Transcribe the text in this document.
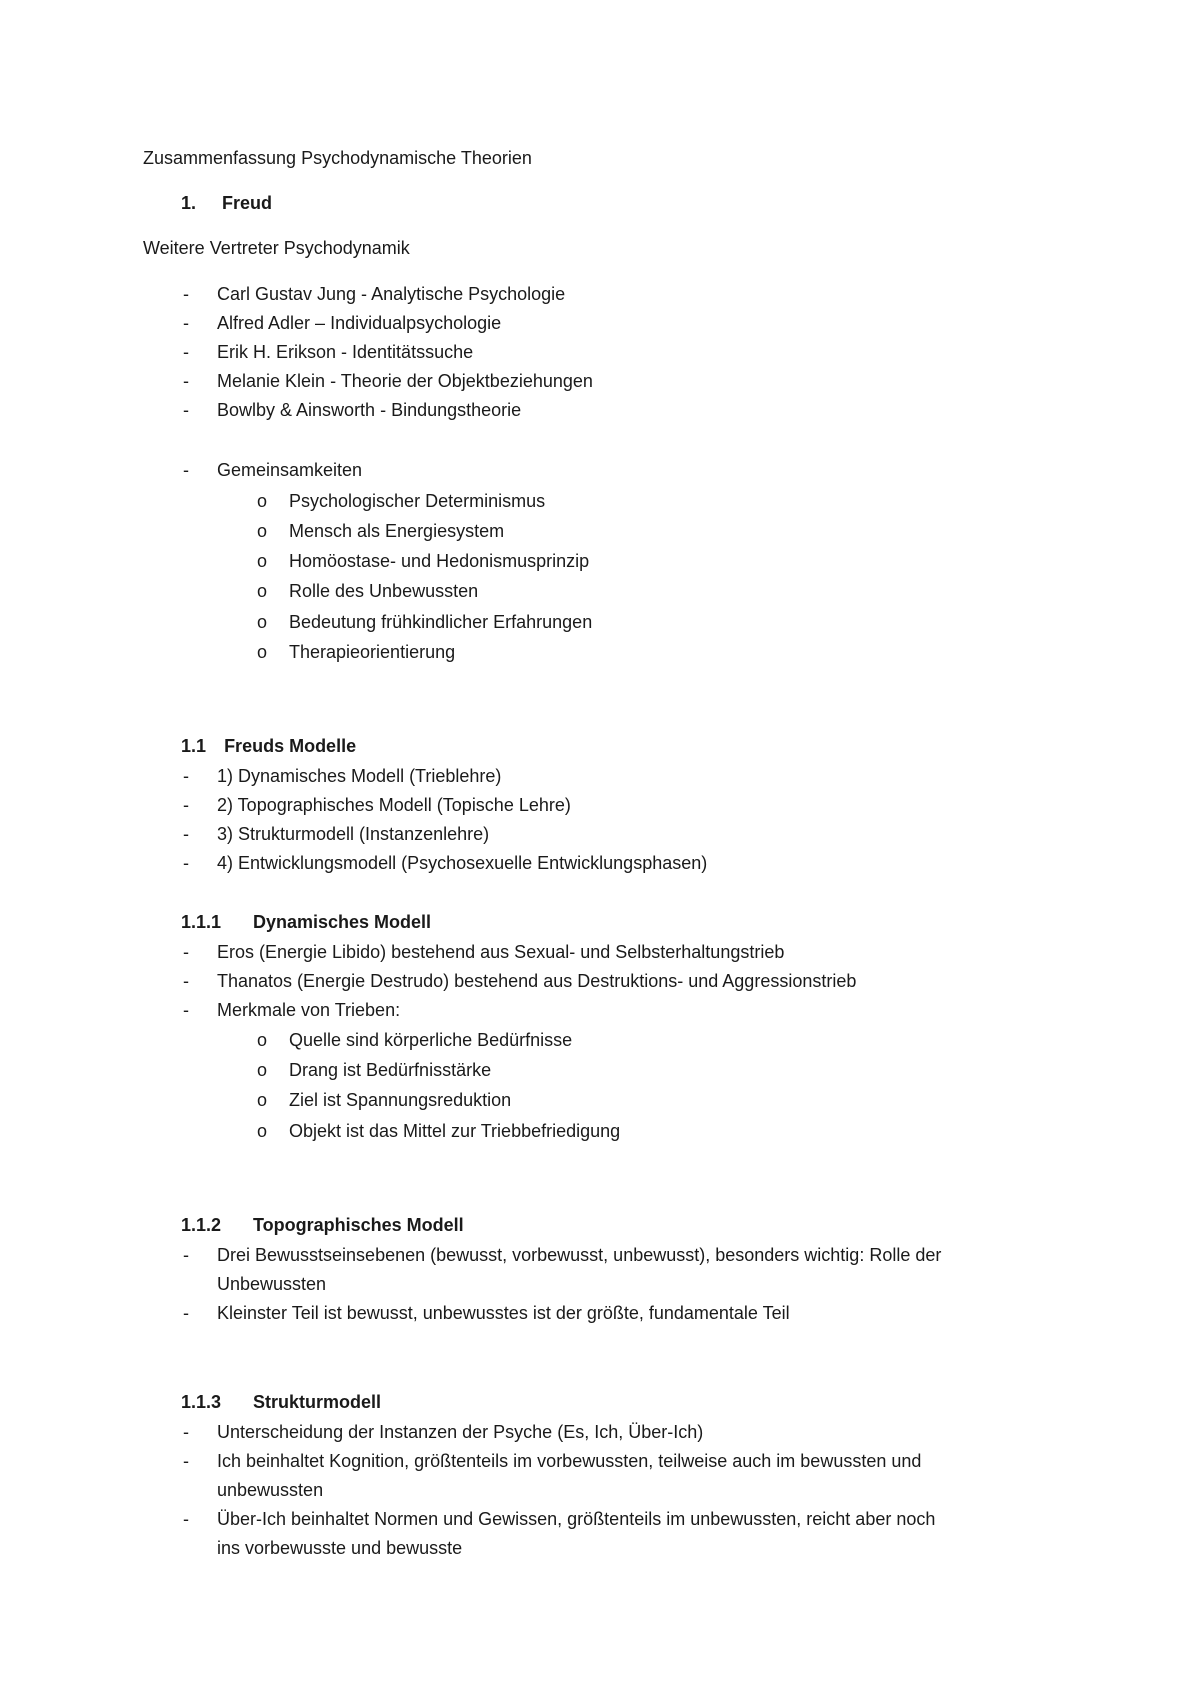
Zusammenfassung Psychodynamische Theorien
1. Freud
Weitere Vertreter Psychodynamik
- Carl Gustav Jung - Analytische Psychologie
- Alfred Adler – Individualpsychologie
- Erik H. Erikson - Identitätssuche
- Melanie Klein - Theorie der Objektbeziehungen
- Bowlby & Ainsworth - Bindungstheorie
- Gemeinsamkeiten
o Psychologischer Determinismus
o Mensch als Energiesystem
o Homöostase- und Hedonismusprinzip
o Rolle des Unbewussten
o Bedeutung frühkindlicher Erfahrungen
o Therapieorientierung
1.1 Freuds Modelle
- 1) Dynamisches Modell (Trieblehre)
- 2) Topographisches Modell (Topische Lehre)
- 3) Strukturmodell (Instanzenlehre)
- 4) Entwicklungsmodell (Psychosexuelle Entwicklungsphasen)
1.1.1 Dynamisches Modell
- Eros (Energie Libido) bestehend aus Sexual- und Selbsterhaltungstrieb
- Thanatos (Energie Destrudo) bestehend aus Destruktions- und Aggressionstrieb
- Merkmale von Trieben:
o Quelle sind körperliche Bedürfnisse
o Drang ist Bedürfnisstärke
o Ziel ist Spannungsreduktion
o Objekt ist das Mittel zur Triebbefriedigung
1.1.2 Topographisches Modell
- Drei Bewusstseinsebenen (bewusst, vorbewusst, unbewusst), besonders wichtig: Rolle der
Unbewussten
- Kleinster Teil ist bewusst, unbewusstes ist der größte, fundamentale Teil
1.1.3 Strukturmodell
- Unterscheidung der Instanzen der Psyche (Es, Ich, Über-Ich)
- Ich beinhaltet Kognition, größtenteils im vorbewussten, teilweise auch im bewussten und
unbewussten
- Über-Ich beinhaltet Normen und Gewissen, größtenteils im unbewussten, reicht aber noch
ins vorbewusste und bewusste
